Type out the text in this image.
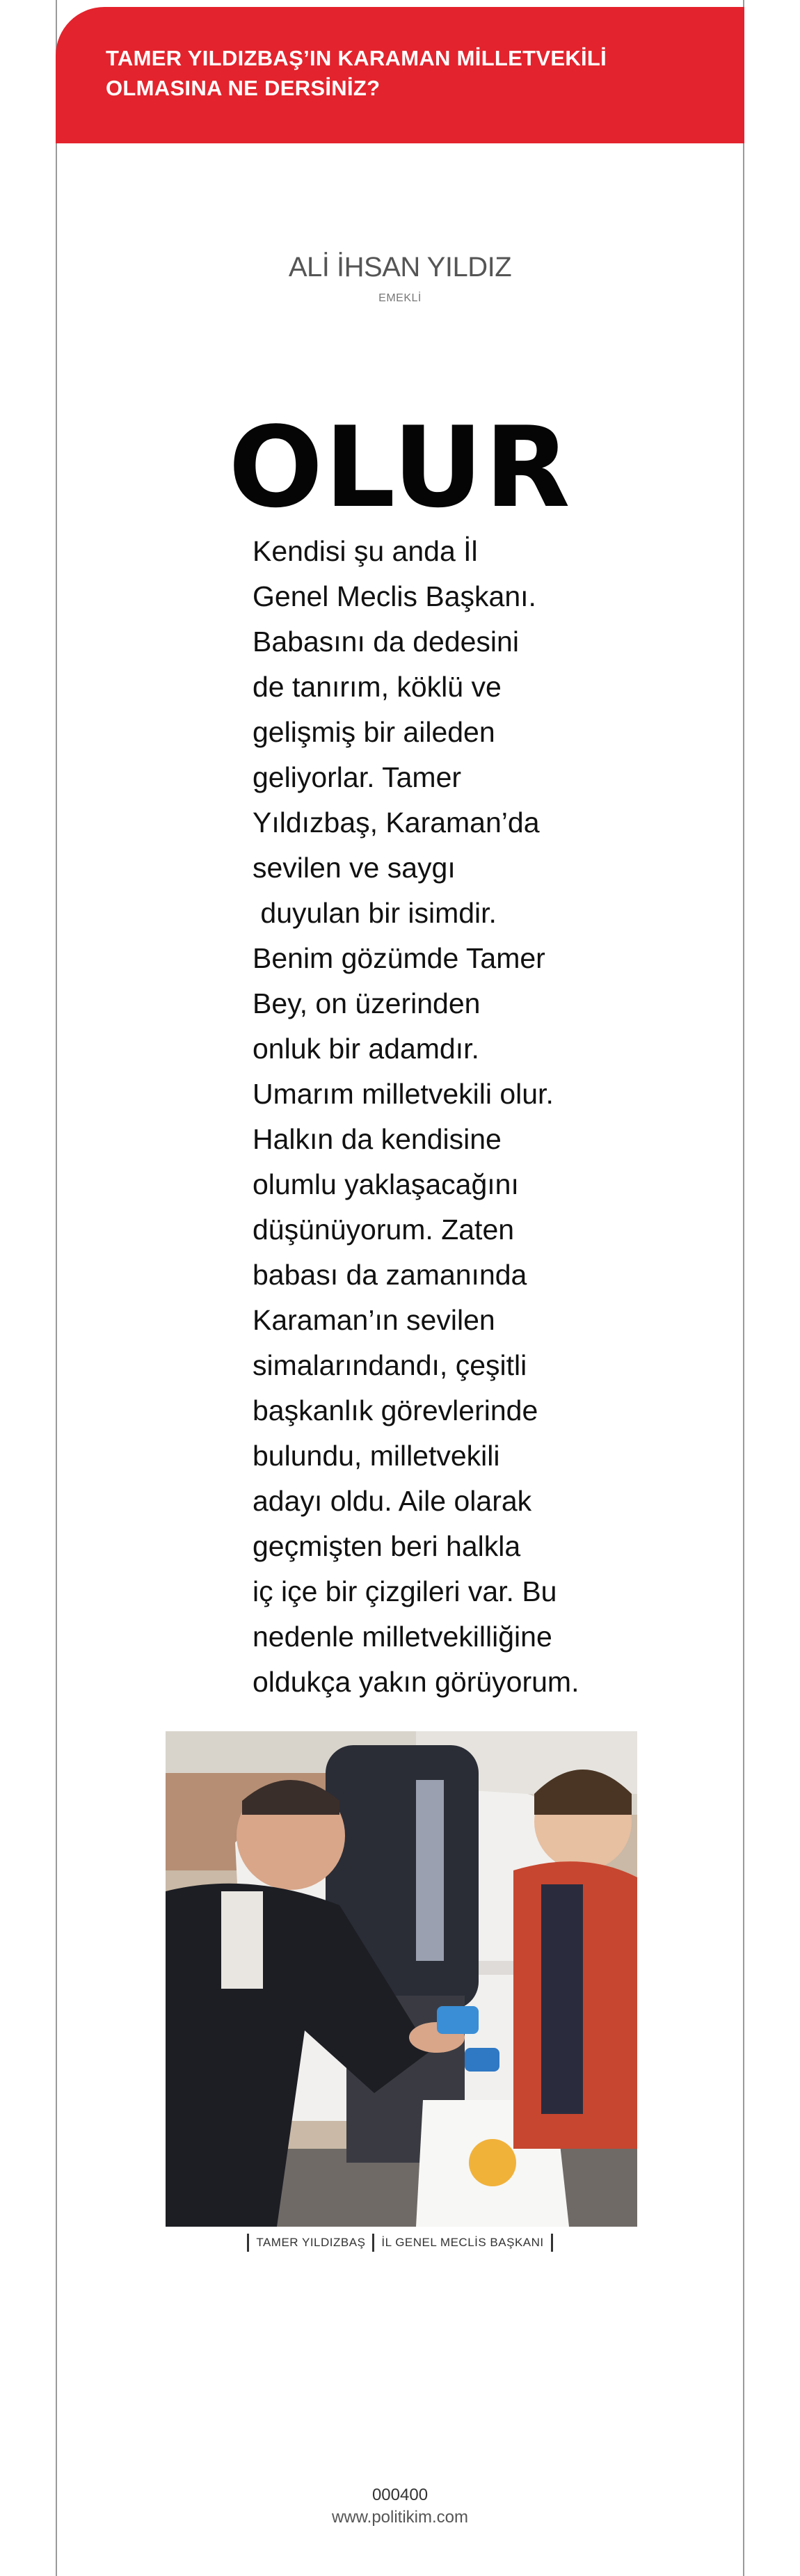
TAMER YILDIZBAŞ’IN KARAMAN MİLLETVEKİLİ
OLMASINA NE DERSİNİZ?
ALİ İHSAN YILDIZ
EMEKLİ
OLUR
Kendisi şu anda İl
Genel Meclis Başkanı.
Babasını da dedesini
de tanırım, köklü ve
gelişmiş bir aileden
geliyorlar. Tamer
Yıldızbaş, Karaman’da
sevilen ve saygı
duyulan bir isimdir.
Benim gözümde Tamer
Bey, on üzerinden
onluk bir adamdır.
Umarım milletvekili olur.
Halkın da kendisine
olumlu yaklaşacağını
düşünüyorum. Zaten
babası da zamanında
Karaman’ın sevilen
simalarındandı, çeşitli
başkanlık görevlerinde
bulundu, milletvekili
adayı oldu. Aile olarak
geçmişten beri halkla
iç içe bir çizgileri var. Bu
nedenle milletvekilliğine
oldukça yakın görüyorum.
TAMER YILDIZBAŞ İL GENEL MECLİS BAŞKANI
000400
www.politikim.com
